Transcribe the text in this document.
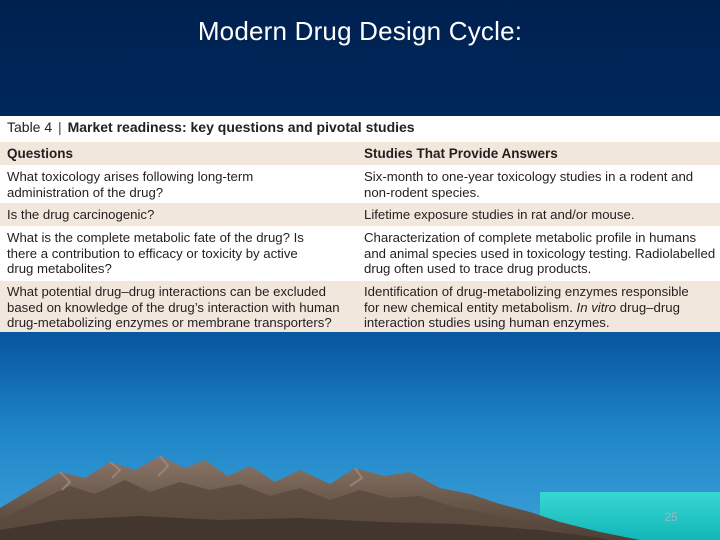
Modern Drug Design Cycle:
Table 4 | Market readiness: key questions and pivotal studies
Questions	Studies That Provide Answers
What toxicology arises following long-term
administration of the drug?
Six-month to one-year toxicology studies in a rodent and
non-rodent species.
Is the drug carcinogenic?	Lifetime exposure studies in rat and/or mouse.
What is the complete metabolic fate of the drug? Is
there a contribution to efficacy or toxicity by active
drug metabolites?
Characterization of complete metabolic profile in humans
and animal species used in toxicology testing. Radiolabelled
drug often used to trace drug products.
What potential drug–drug interactions can be excluded
based on knowledge of the drug’s interaction with human
drug-metabolizing enzymes or membrane transporters?
Identification of drug-metabolizing enzymes responsible
for new chemical entity metabolism. In vitro drug–drug
interaction studies using human enzymes.
25
